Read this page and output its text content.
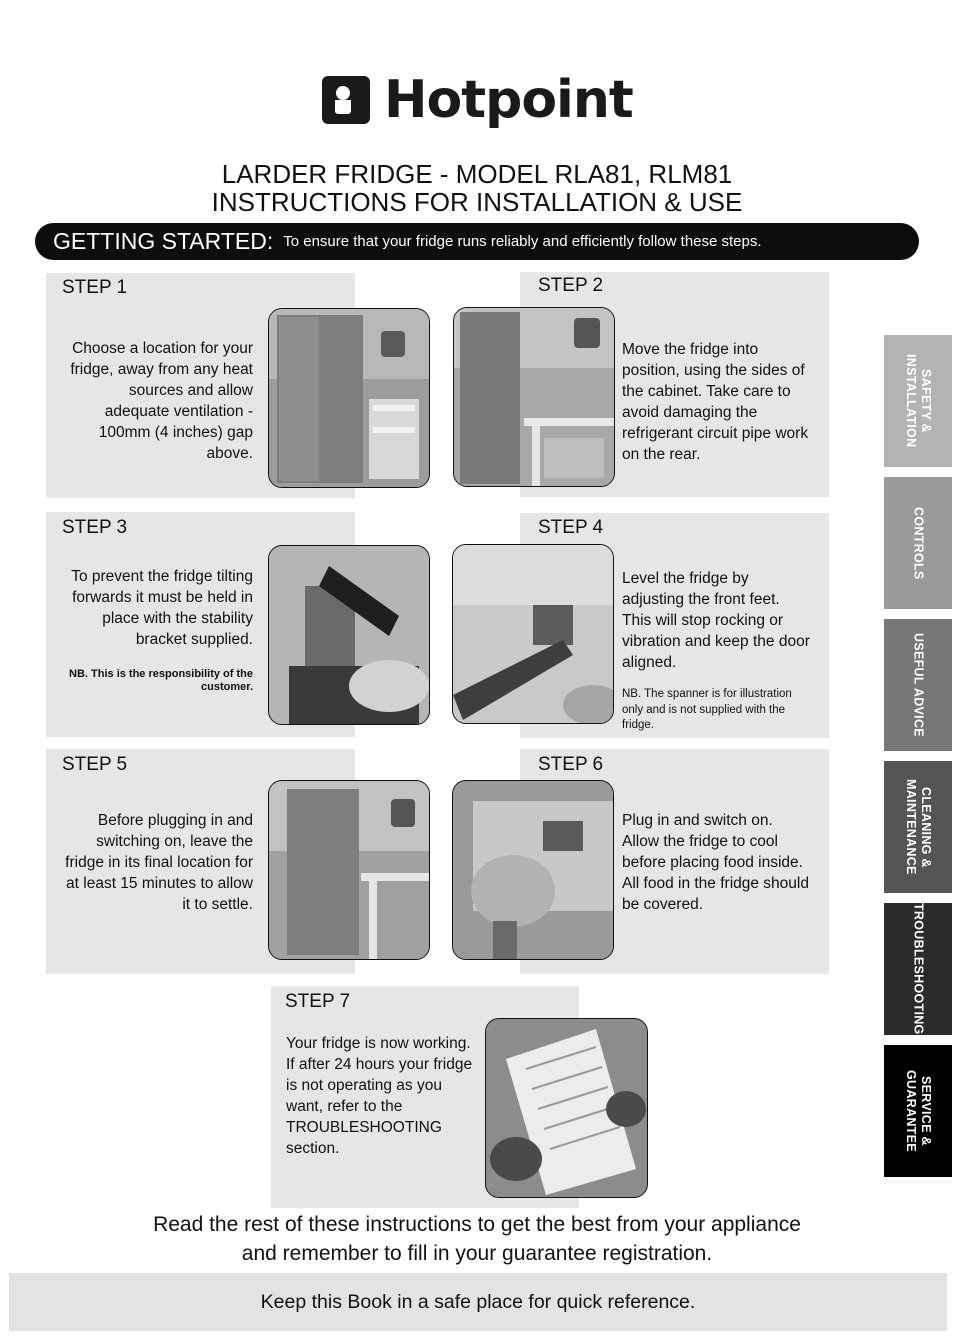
Hotpoint
LARDER FRIDGE - MODEL RLA81, RLM81
INSTRUCTIONS FOR INSTALLATION & USE
GETTING STARTED: To ensure that your fridge runs reliably and efficiently follow these steps.
STEP 1
Choose a location for your fridge, away from any heat sources and allow adequate ventilation - 100mm (4 inches) gap above.
STEP 2
Move the fridge into position, using the sides of the cabinet. Take care to avoid damaging the refrigerant circuit pipe work on the rear.
STEP 3
To prevent the fridge tilting forwards it must be held in place with the stability bracket supplied.
NB. This is the responsibility of the customer.
STEP 4
Level the fridge by adjusting the front feet. This will stop rocking or vibration and keep the door aligned.
NB. The spanner is for illustration only and is not supplied with the fridge.
STEP 5
Before plugging in and switching on, leave the fridge in its final location for at least 15 minutes to allow it to settle.
STEP 6
Plug in and switch on. Allow the fridge to cool before placing food inside.
All food in the fridge should be covered.
STEP 7
Your fridge is now working.
If after 24 hours your fridge is not operating as you want, refer to the TROUBLESHOOTING section.
SAFETY &
INSTALLATION
CONTROLS
USEFUL ADVICE
CLEANING &
MAINTENANCE
TROUBLESHOOTING
SERVICE &
GUARANTEE
Read the rest of these instructions to get the best from your appliance
and remember to fill in your guarantee registration.
Keep this Book in a safe place for quick reference.
